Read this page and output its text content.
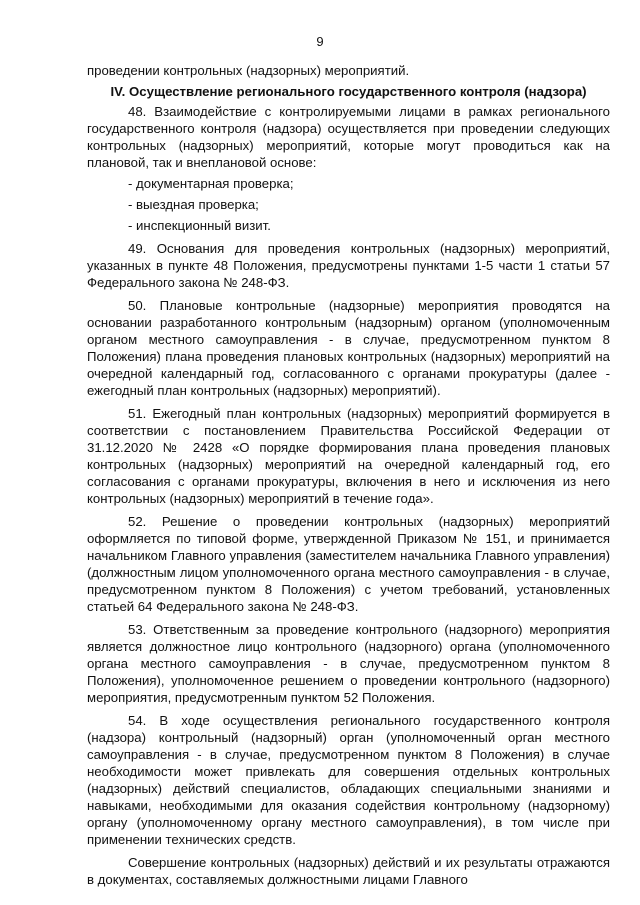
9

проведении контрольных (надзорных) мероприятий.

IV. Осуществление регионального государственного контроля (надзора)

48. Взаимодействие с контролируемыми лицами в рамках регионального государственного контроля (надзора) осуществляется при проведении следующих контрольных (надзорных) мероприятий, которые могут проводиться как на плановой, так и внеплановой основе:

- документарная проверка;

- выездная проверка;

- инспекционный визит.

49. Основания для проведения контрольных (надзорных) мероприятий, указанных в пункте 48 Положения, предусмотрены пунктами 1-5 части 1 статьи 57 Федерального закона № 248-ФЗ.

50. Плановые контрольные (надзорные) мероприятия проводятся на основании разработанного контрольным (надзорным) органом (уполномоченным органом местного самоуправления - в случае, предусмотренном пунктом 8 Положения) плана проведения плановых контрольных (надзорных) мероприятий на очередной календарный год, согласованного с органами прокуратуры (далее - ежегодный план контрольных (надзорных) мероприятий).

51. Ежегодный план контрольных (надзорных) мероприятий формируется в соответствии с постановлением Правительства Российской Федерации от 31.12.2020 № 2428 «О порядке формирования плана проведения плановых контрольных (надзорных) мероприятий на очередной календарный год, его согласования с органами прокуратуры, включения в него и исключения из него контрольных (надзорных) мероприятий в течение года».

52. Решение о проведении контрольных (надзорных) мероприятий оформляется по типовой форме, утвержденной Приказом № 151, и принимается начальником Главного управления (заместителем начальника Главного управления) (должностным лицом уполномоченного органа местного самоуправления - в случае, предусмотренном пунктом 8 Положения) с учетом требований, установленных статьей 64 Федерального закона № 248-ФЗ.

53. Ответственным за проведение контрольного (надзорного) мероприятия является должностное лицо контрольного (надзорного) органа (уполномоченного органа местного самоуправления - в случае, предусмотренном пунктом 8 Положения), уполномоченное решением о проведении контрольного (надзорного) мероприятия, предусмотренным пунктом 52 Положения.

54. В ходе осуществления регионального государственного контроля (надзора) контрольный (надзорный) орган (уполномоченный орган местного самоуправления - в случае, предусмотренном пунктом 8 Положения) в случае необходимости может привлекать для совершения отдельных контрольных (надзорных) действий специалистов, обладающих специальными знаниями и навыками, необходимыми для оказания содействия контрольному (надзорному) органу (уполномоченному органу местного самоуправления), в том числе при применении технических средств.

Совершение контрольных (надзорных) действий и их результаты отражаются в документах, составляемых должностными лицами Главного
